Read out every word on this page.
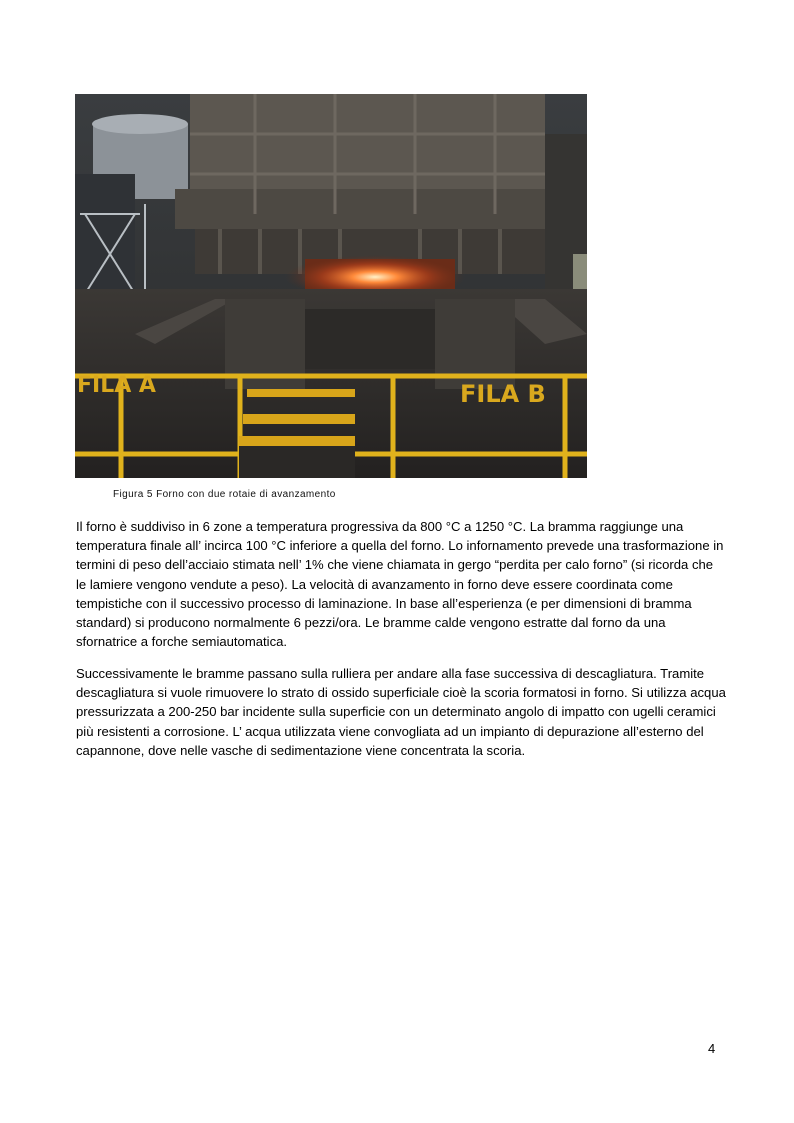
FILA A	FILA B
Figura 5 Forno con due rotaie di avanzamento

Il forno è suddiviso in 6 zone a temperatura progressiva da 800 °C a 1250 °C. La bramma raggiunge una temperatura finale all’ incirca 100 °C inferiore a quella del forno. Lo infornamento prevede una trasformazione in termini di peso dell’acciaio stimata nell’ 1% che viene chiamata in gergo “perdita per calo forno” (si ricorda che le lamiere vengono vendute a peso). La velocità di avanzamento in forno deve essere coordinata come tempistiche con il successivo processo di laminazione. In base all’esperienza (e per dimensioni di bramma standard) si producono normalmente 6 pezzi/ora. Le bramme calde vengono estratte dal forno da una sfornatrice a forche semiautomatica.

Successivamente le bramme passano sulla rulliera per andare alla fase successiva di descagliatura. Tramite descagliatura si vuole rimuovere lo strato di ossido superficiale cioè la scoria formatosi in forno. Si utilizza acqua pressurizzata a 200-250 bar incidente sulla superficie con un determinato angolo di impatto con ugelli ceramici più resistenti a corrosione. L’ acqua utilizzata viene convogliata ad un impianto di depurazione all’esterno del capannone, dove nelle vasche di sedimentazione viene concentrata la scoria.

4
